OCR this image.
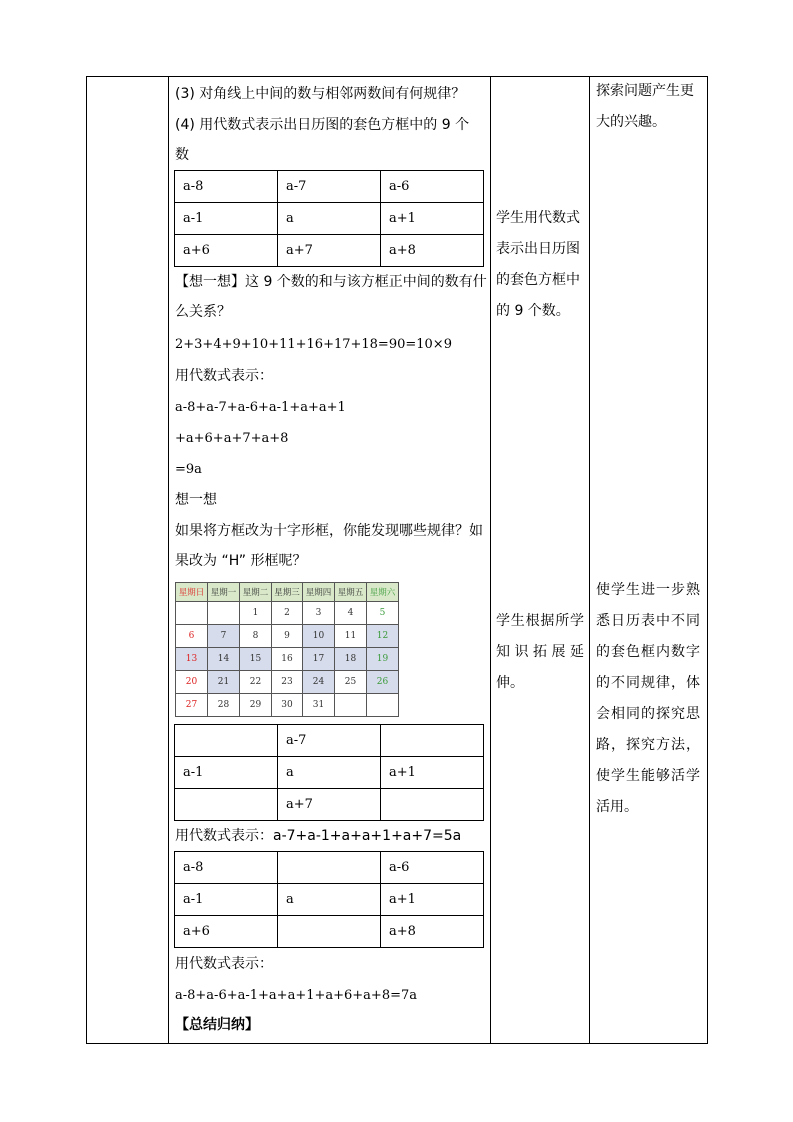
(3) 对角线上中间的数与相邻两数间有何规律？
(4) 用代数式表示出日历图的套色方框中的 9 个
数
a-8	a-7	a-6
a-1	a	a+1
a+6	a+7	a+8
【想一想】这 9 个数的和与该方框正中间的数有什
么关系？
2+3+4+9+10+11+16+17+18=90=10×9
用代数式表示：
a-8+a-7+a-6+a-1+a+a+1
+a+6+a+7+a+8
=9a
想一想
如果将方框改为十字形框，你能发现哪些规律？如
果改为 “H” 形框呢？
星期日	星期一	星期二	星期三	星期四	星期五	星期六
		1	2	3	4	5
6	7	8	9	10	11	12
13	14	15	16	17	18	19
20	21	22	23	24	25	26
27	28	29	30	31		
	a-7	
a-1	a	a+1
	a+7	
用代数式表示：a-7+a-1+a+a+1+a+7=5a
a-8		a-6
a-1	a	a+1
a+6		a+8
用代数式表示：
a-8+a-6+a-1+a+a+1+a+6+a+8=7a
【总结归纳】
学生用代数式表示出日历图的套色方框中的 9 个数。
学生根据所学知识拓展延伸。
探索问题产生更大的兴趣。
使学生进一步熟悉日历表中不同的套色框内数字的不同规律，体会相同的探究思路，探究方法，使学生能够活学活用。
